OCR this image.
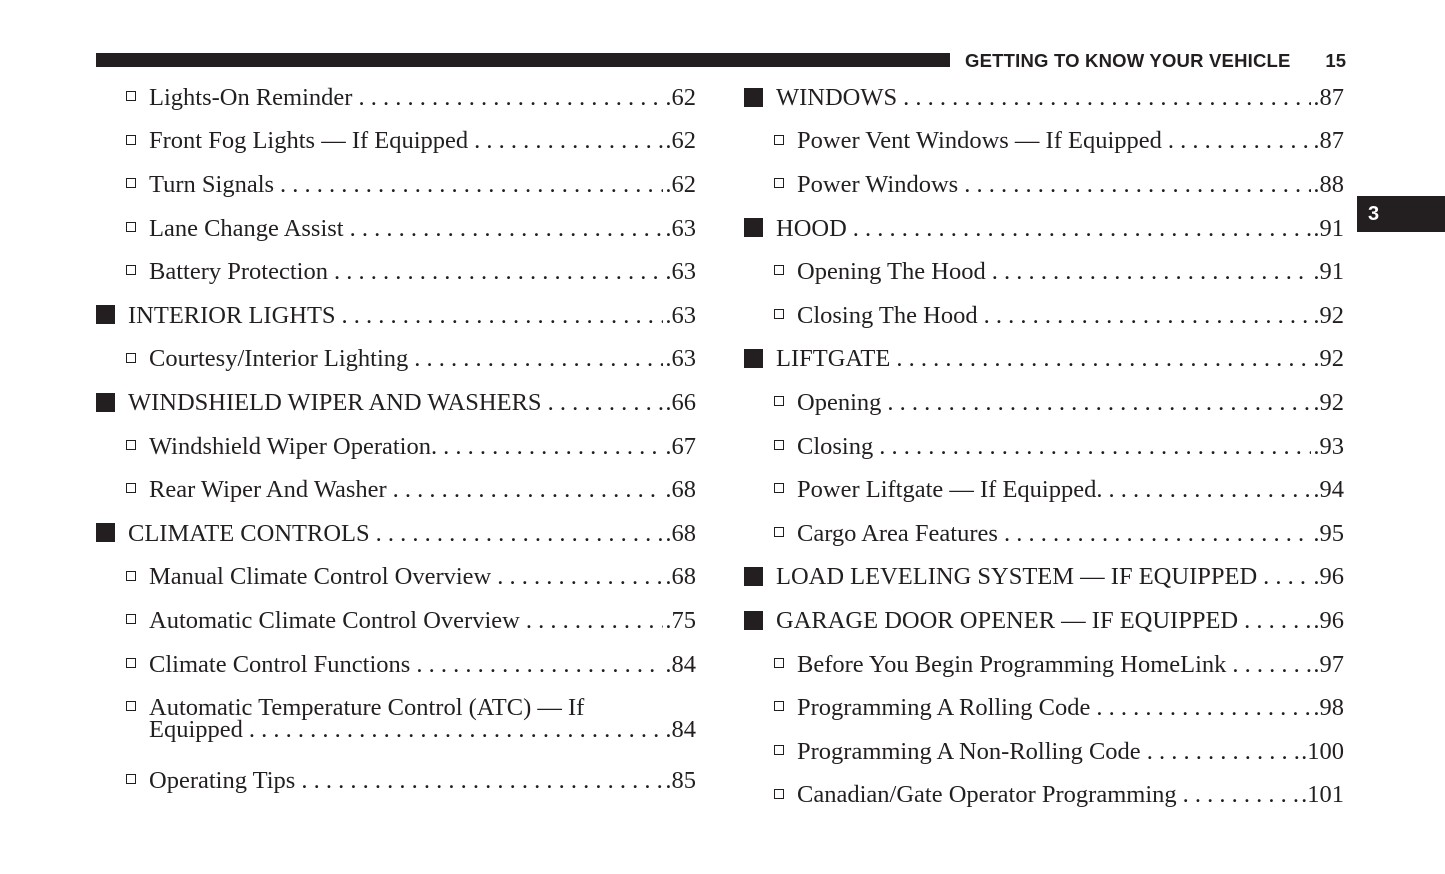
GETTING TO KNOW YOUR VEHICLE 15
3
Lights-On Reminder . . .	.62
Front Fog Lights — If Equipped . . .	.62
Turn Signals . . .	.62
Lane Change Assist . . .	.63
Battery Protection . . .	.63
INTERIOR LIGHTS . . .	.63
Courtesy/Interior Lighting . . .	.63
WINDSHIELD WIPER AND WASHERS . . .	.66
Windshield Wiper Operation. . . .	.67
Rear Wiper And Washer . . .	.68
CLIMATE CONTROLS . . .	.68
Manual Climate Control Overview . . .	.68
Automatic Climate Control Overview . . .	.75
Climate Control Functions . . .	.84
Automatic Temperature Control (ATC) — If
Equipped . . .	.84
Operating Tips . . .	.85
WINDOWS . . .	.87
Power Vent Windows — If Equipped . . .	.87
Power Windows . . .	.88
HOOD . . .	.91
Opening The Hood . . .	.91
Closing The Hood . . .	.92
LIFTGATE . . .	.92
Opening . . .	.92
Closing . . .	.93
Power Liftgate — If Equipped. . . .	.94
Cargo Area Features . . .	.95
LOAD LEVELING SYSTEM — IF EQUIPPED . . . .96
GARAGE DOOR OPENER — IF EQUIPPED . . .	.96
Before You Begin Programming HomeLink . . .	.97
Programming A Rolling Code . . .	.98
Programming A Non-Rolling Code . . .	.100
Canadian/Gate Operator Programming . . .	.101
